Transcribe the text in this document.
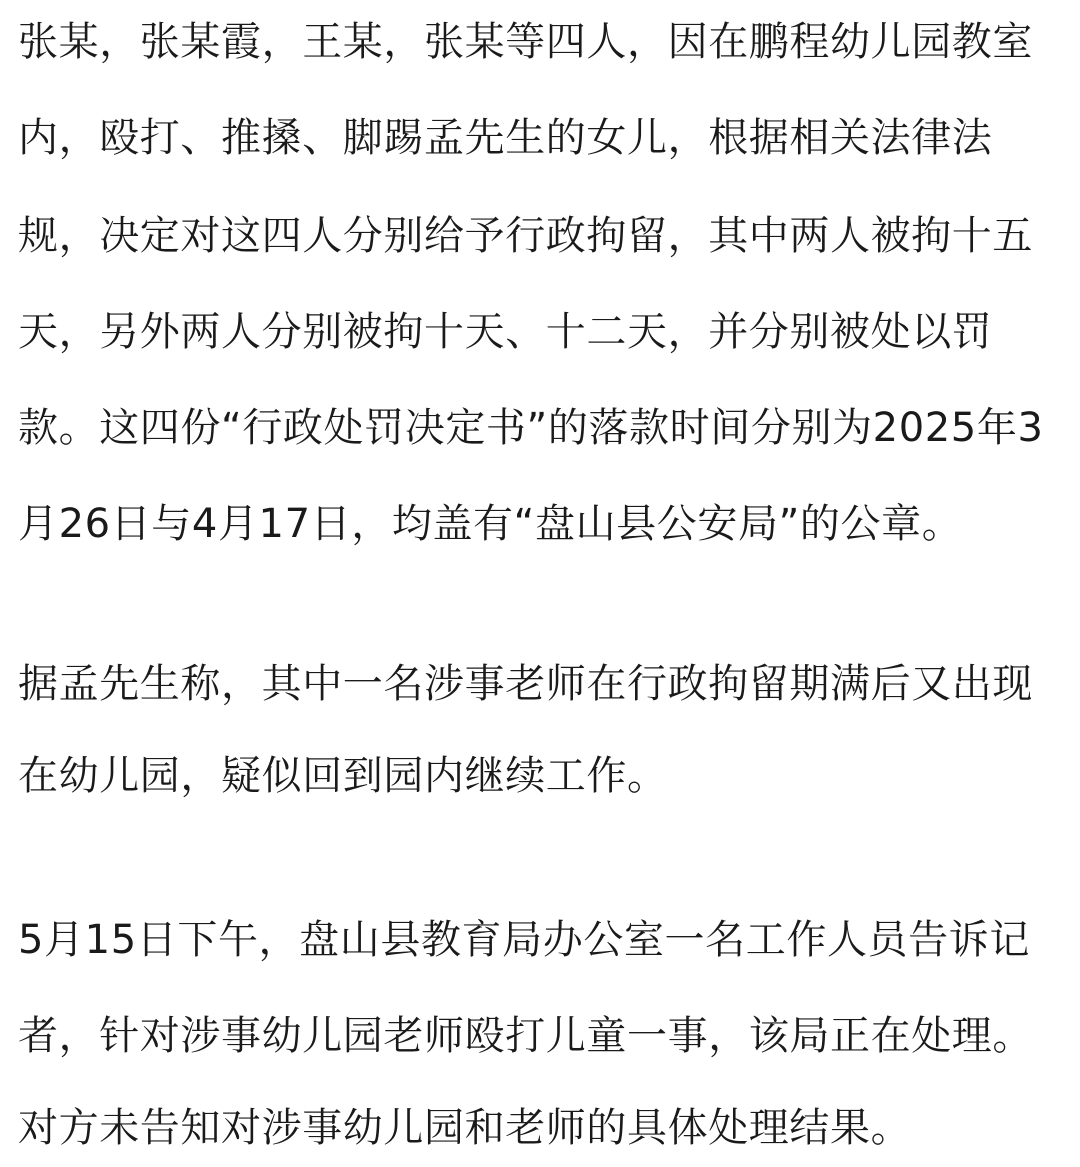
张某，张某霞，王某，张某等四人，因在鹏程幼儿园教室
内，殴打、推搡、脚踢孟先生的女儿，根据相关法律法
规，决定对这四人分别给予行政拘留，其中两人被拘十五
天，另外两人分别被拘十天、十二天，并分别被处以罚
款。这四份“行政处罚决定书”的落款时间分别为2025年3
月26日与4月17日，均盖有“盘山县公安局”的公章。
据孟先生称，其中一名涉事老师在行政拘留期满后又出现
在幼儿园，疑似回到园内继续工作。
5月15日下午，盘山县教育局办公室一名工作人员告诉记
者，针对涉事幼儿园老师殴打儿童一事，该局正在处理。
对方未告知对涉事幼儿园和老师的具体处理结果。
